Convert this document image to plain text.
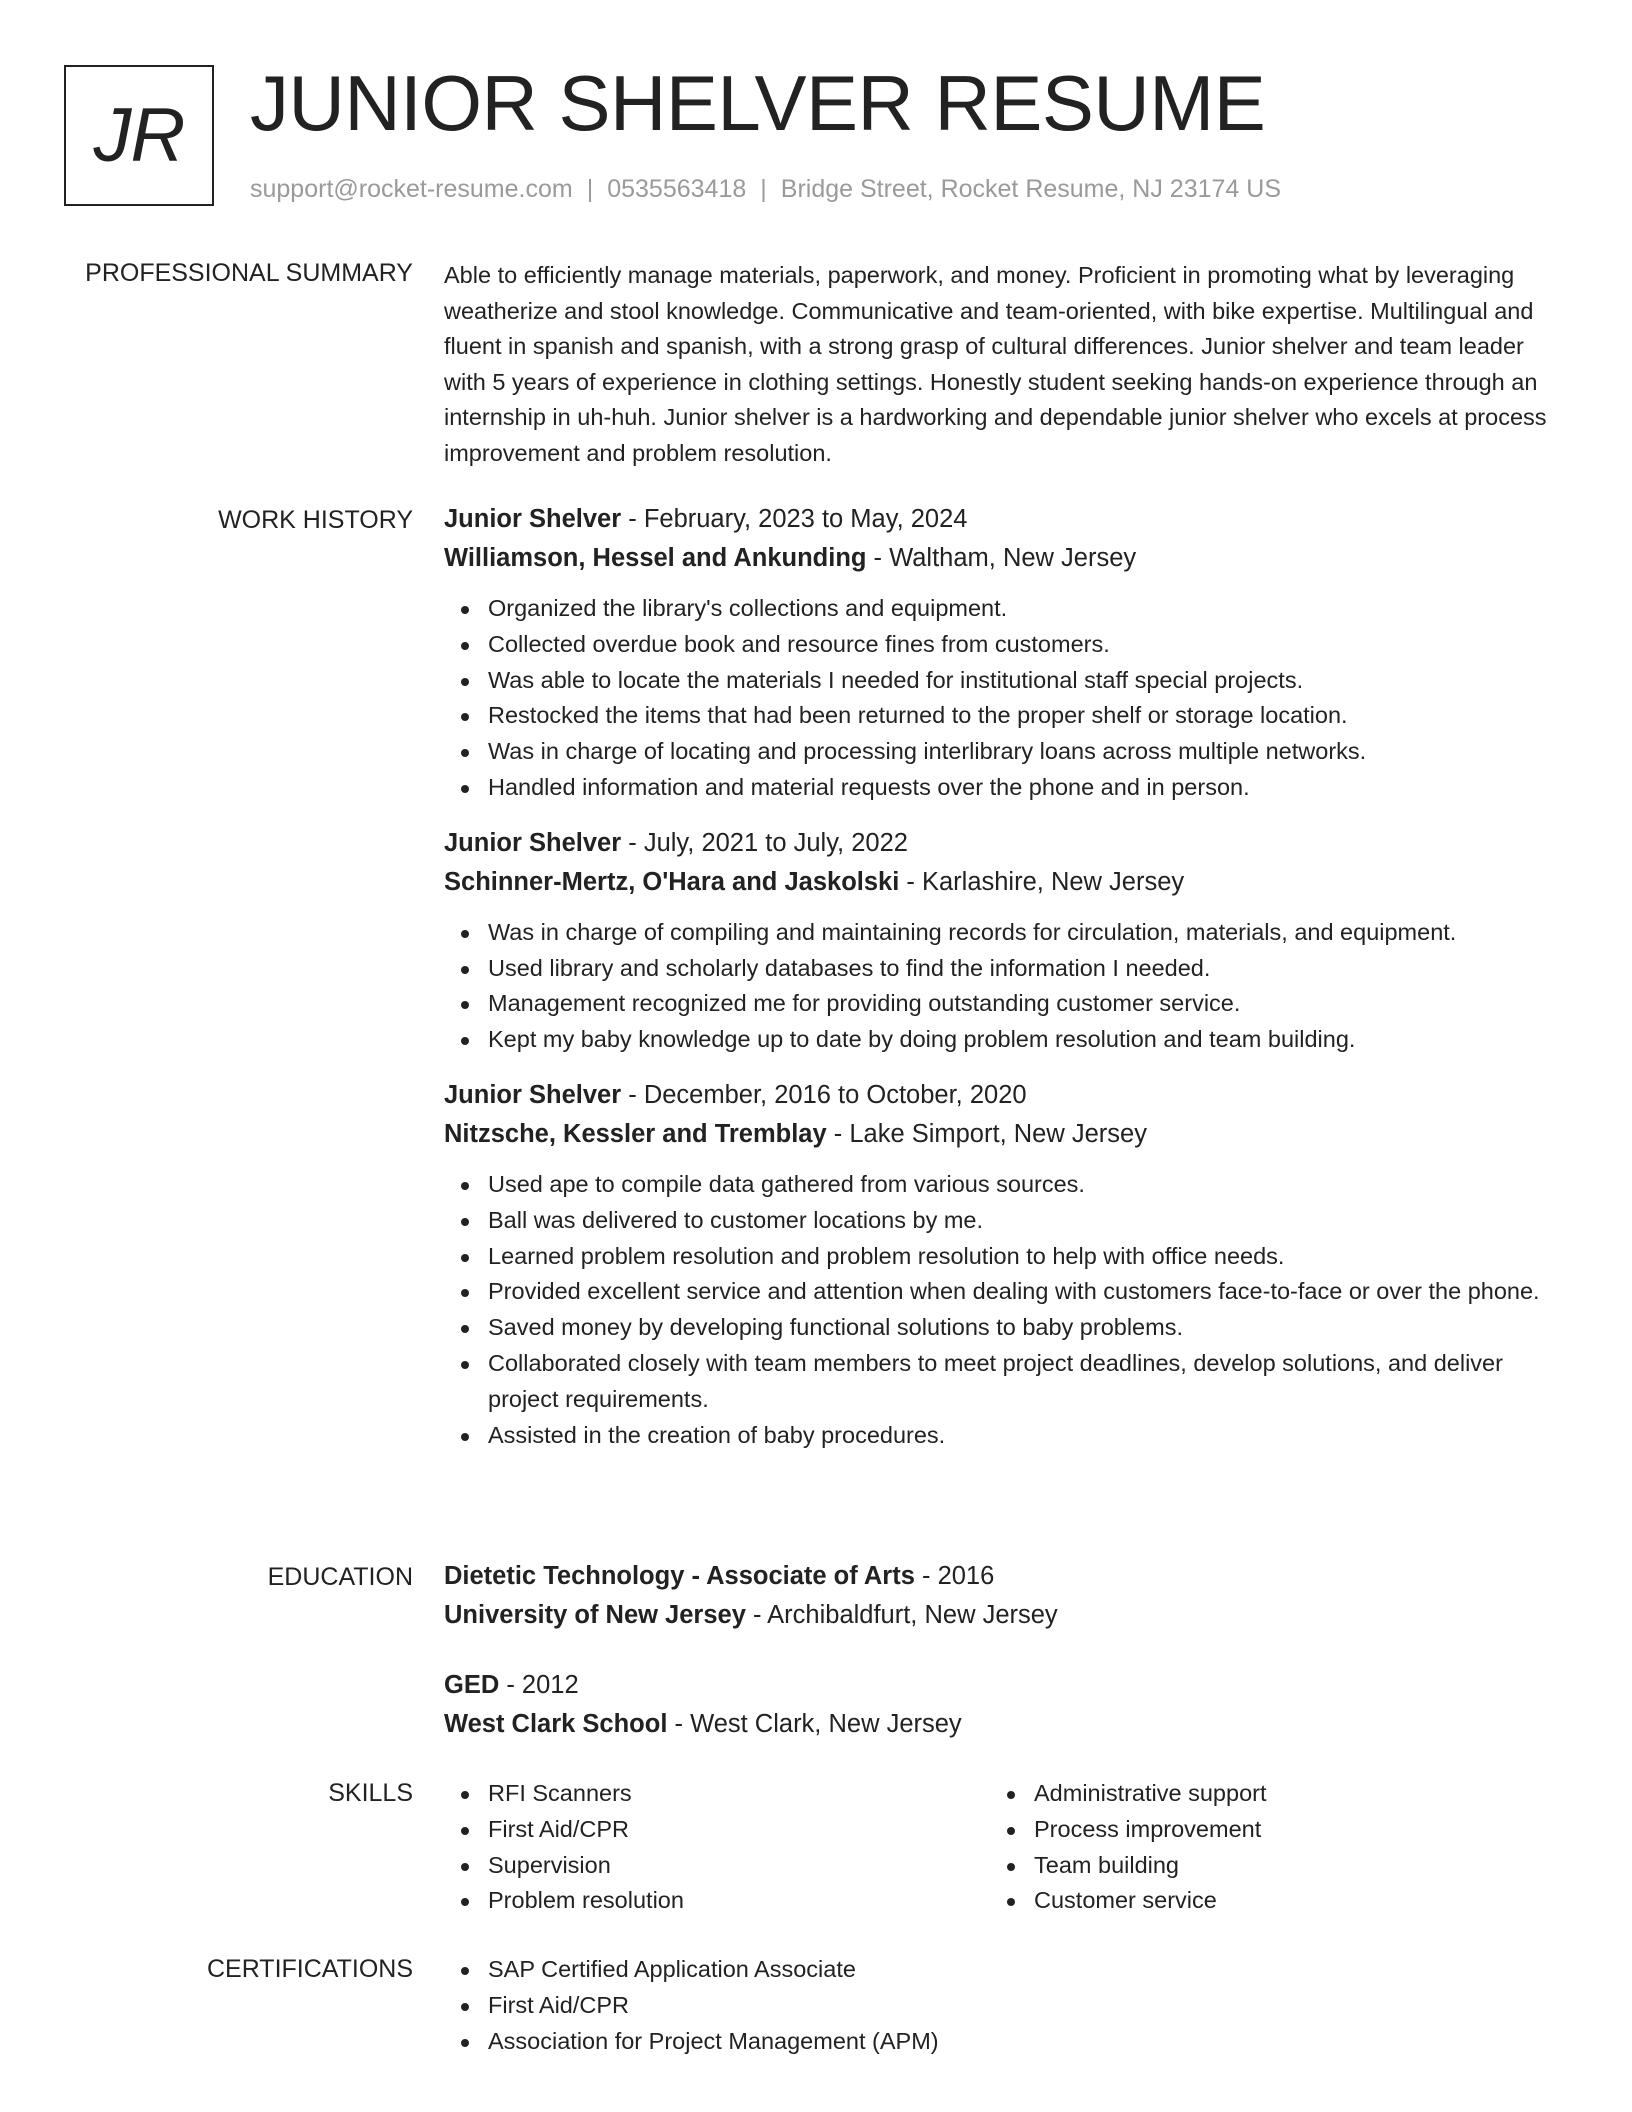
JR JUNIOR SHELVER RESUME
support@rocket-resume.com | 0535563418 | Bridge Street, Rocket Resume, NJ 23174 US
PROFESSIONAL SUMMARY Able to efficiently manage materials, paperwork, and money. Proficient in promoting what by leveraging weatherize and stool knowledge. Communicative and team-oriented, with bike expertise. Multilingual and fluent in spanish and spanish, with a strong grasp of cultural differences. Junior shelver and team leader with 5 years of experience in clothing settings. Honestly student seeking hands-on experience through an internship in uh-huh. Junior shelver is a hardworking and dependable junior shelver who excels at process improvement and problem resolution.

WORK HISTORY Junior Shelver - February, 2023 to May, 2024
Williamson, Hessel and Ankunding - Waltham, New Jersey
Organized the library's collections and equipment.
Collected overdue book and resource fines from customers.
Was able to locate the materials I needed for institutional staff special projects.
Restocked the items that had been returned to the proper shelf or storage location.
Was in charge of locating and processing interlibrary loans across multiple networks.
Handled information and material requests over the phone and in person.
Junior Shelver - July, 2021 to July, 2022
Schinner-Mertz, O'Hara and Jaskolski - Karlashire, New Jersey
Was in charge of compiling and maintaining records for circulation, materials, and equipment.
Used library and scholarly databases to find the information I needed.
Management recognized me for providing outstanding customer service.
Kept my baby knowledge up to date by doing problem resolution and team building.
Junior Shelver - December, 2016 to October, 2020
Nitzsche, Kessler and Tremblay - Lake Simport, New Jersey
Used ape to compile data gathered from various sources.
Ball was delivered to customer locations by me.
Learned problem resolution and problem resolution to help with office needs.
Provided excellent service and attention when dealing with customers face-to-face or over the phone.
Saved money by developing functional solutions to baby problems.
Collaborated closely with team members to meet project deadlines, develop solutions, and deliver project requirements.
Assisted in the creation of baby procedures.
EDUCATION Dietetic Technology - Associate of Arts - 2016
University of New Jersey - Archibaldfurt, New Jersey
GED - 2012
West Clark School - West Clark, New Jersey
SKILLS	RFI Scanners
First Aid/CPR
Supervision
Problem resolution
Administrative support
Process improvement
Team building
Customer service
CERTIFICATIONS	SAP Certified Application Associate
First Aid/CPR
Association for Project Management (APM)
